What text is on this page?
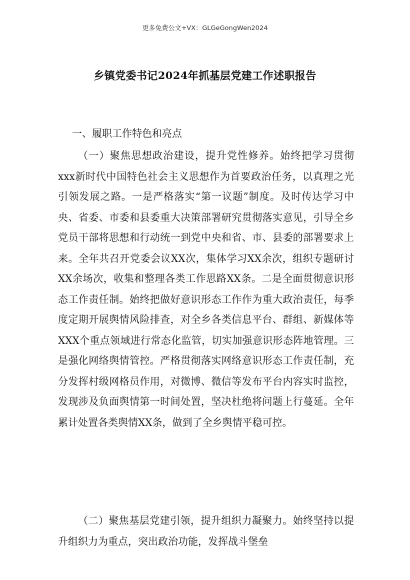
更多免费公文+VX：GLGeGongWen2024
乡镇党委书记2024年抓基层党建工作述职报告
一、履职工作特色和亮点

（一）聚焦思想政治建设，提升党性修养。始终把学习贯彻xxx新时代中国特色社会主义思想作为首要政治任务，以真理之光引领发展之路。一是严格落实“第一议题”制度。及时传达学习中央、省委、市委和县委重大决策部署研究贯彻落实意见，引导全乡党员干部将思想和行动统一到党中央和省、市、县委的部署要求上来。全年共召开党委会议XX次，集体学习XX余次，组织专题研讨XX余场次，收集和整理各类工作思路XX条。二是全面贯彻意识形态工作责任制。始终把做好意识形态工作作为重大政治责任，每季度定期开展舆情风险排查，对全乡各类信息平台、群组、新媒体等XXX个重点领域进行常态化监管，切实加强意识形态阵地管理。三是强化网络舆情管控。严格贯彻落实网络意识形态工作责任制，充分发挥村级网格员作用，对微博、微信等发布平台内容实时监控，发现涉及负面舆情第一时间处置，坚决杜绝将问题上行蔓延。全年累计处置各类舆情XX条，做到了全乡舆情平稳可控。

（二）聚焦基层党建引领，提升组织力凝聚力。始终坚持以提升组织力为重点，突出政治功能，发挥战斗堡垒
